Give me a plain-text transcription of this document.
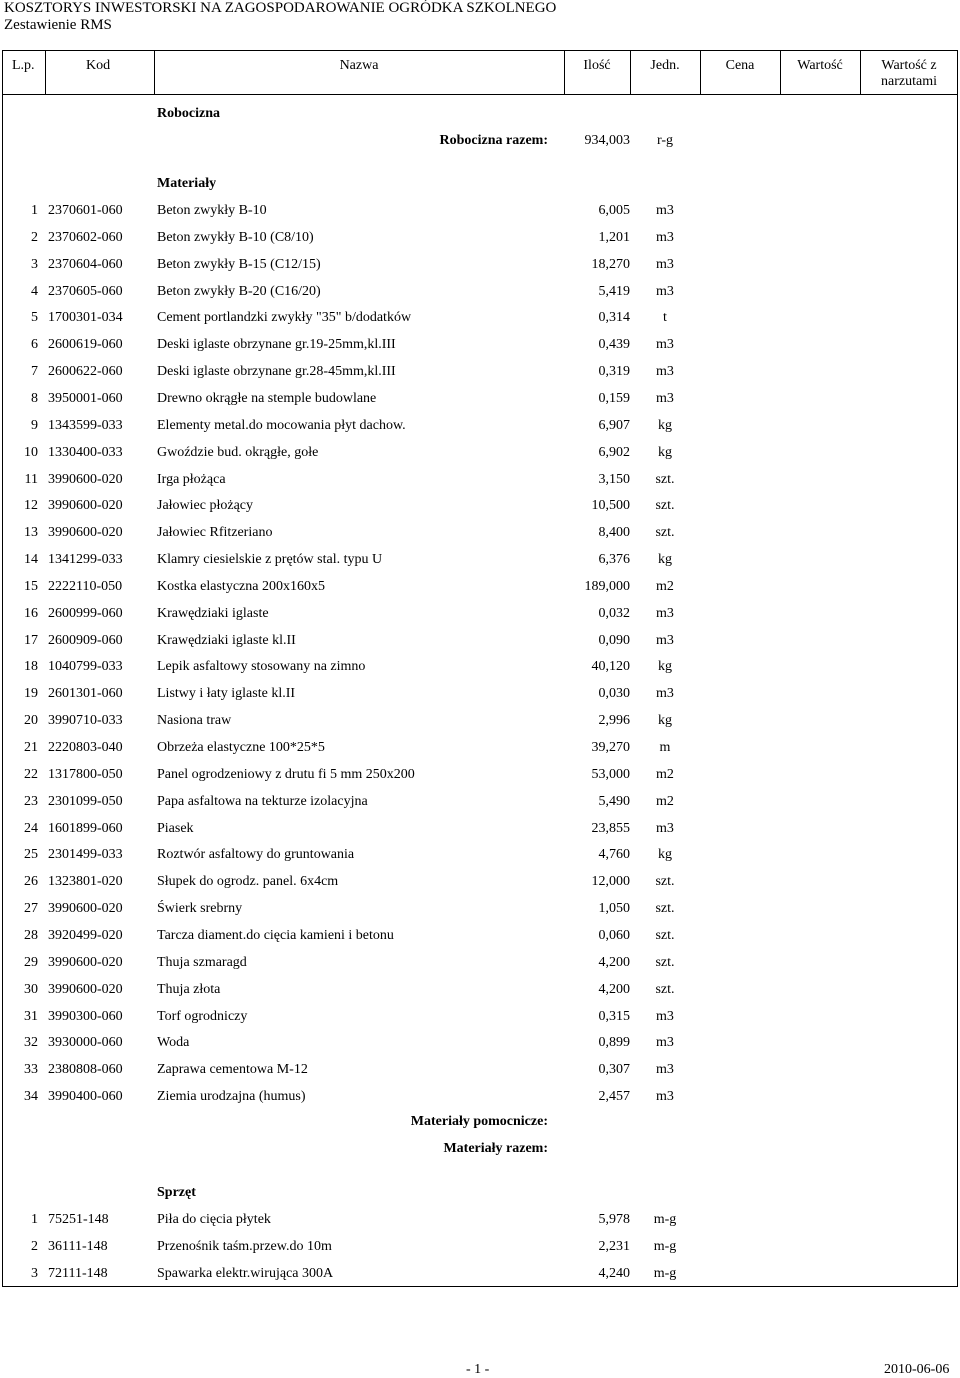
KOSZTORYS INWESTORSKI NA ZAGOSPODAROWANIE OGRÓDKA SZKOLNEGO
Zestawienie RMS
L.p.	Kod	Nazwa	Ilość	Jedn.	Cena	Wartość	Wartość z
narzutami
Robocizna
Robocizna razem:	934,003	r-g
Materiały
1 2370601-060 Beton zwykły B-10	6,005	m3
2 2370602-060 Beton zwykły B-10 (C8/10)	1,201	m3
3 2370604-060 Beton zwykły B-15 (C12/15)	18,270	m3
4 2370605-060 Beton zwykły B-20 (C16/20)	5,419	m3
5 1700301-034 Cement portlandzki zwykły "35" b/dodatków	0,314	t
6 2600619-060 Deski iglaste obrzynane gr.19-25mm,kl.III	0,439	m3
7 2600622-060 Deski iglaste obrzynane gr.28-45mm,kl.III	0,319	m3
8 3950001-060 Drewno okrągłe na stemple budowlane	0,159	m3
9 1343599-033 Elementy metal.do mocowania płyt dachow.	6,907	kg
10 1330400-033 Gwoździe bud. okrągłe, gołe	6,902	kg
11 3990600-020 Irga płożąca	3,150	szt.
12 3990600-020 Jałowiec płożący	10,500	szt.
13 3990600-020 Jałowiec Rfitzeriano	8,400	szt.
14 1341299-033 Klamry ciesielskie z prętów stal. typu U	6,376	kg
15 2222110-050 Kostka elastyczna 200x160x5	189,000	m2
16 2600999-060 Krawędziaki iglaste	0,032	m3
17 2600909-060 Krawędziaki iglaste kl.II	0,090	m3
18 1040799-033 Lepik asfaltowy stosowany na zimno	40,120	kg
19 2601301-060 Listwy i łaty iglaste kl.II	0,030	m3
20 3990710-033 Nasiona traw	2,996	kg
21 2220803-040 Obrzeża elastyczne 100*25*5	39,270	m
22 1317800-050 Panel ogrodzeniowy z drutu fi 5 mm 250x200	53,000	m2
23 2301099-050 Papa asfaltowa na tekturze izolacyjna	5,490	m2
24 1601899-060 Piasek	23,855	m3
25 2301499-033 Roztwór asfaltowy do gruntowania	4,760	kg
26 1323801-020 Słupek do ogrodz. panel. 6x4cm	12,000	szt.
27 3990600-020 Świerk srebrny	1,050	szt.
28 3920499-020 Tarcza diament.do cięcia kamieni i betonu	0,060	szt.
29 3990600-020 Thuja szmaragd	4,200	szt.
30 3990600-020 Thuja złota	4,200	szt.
31 3990300-060 Torf ogrodniczy	0,315	m3
32 3930000-060 Woda	0,899	m3
33 2380808-060 Zaprawa cementowa M-12	0,307	m3
34 3990400-060 Ziemia urodzajna (humus)	2,457	m3
Materiały pomocnicze:
Materiały razem:
Sprzęt
1 75251-148	Piła do cięcia płytek	5,978	m-g
2 36111-148	Przenośnik taśm.przew.do 10m	2,231	m-g
3 72111-148	Spawarka elektr.wirująca 300A	4,240	m-g
- 1 -	2010-06-06
